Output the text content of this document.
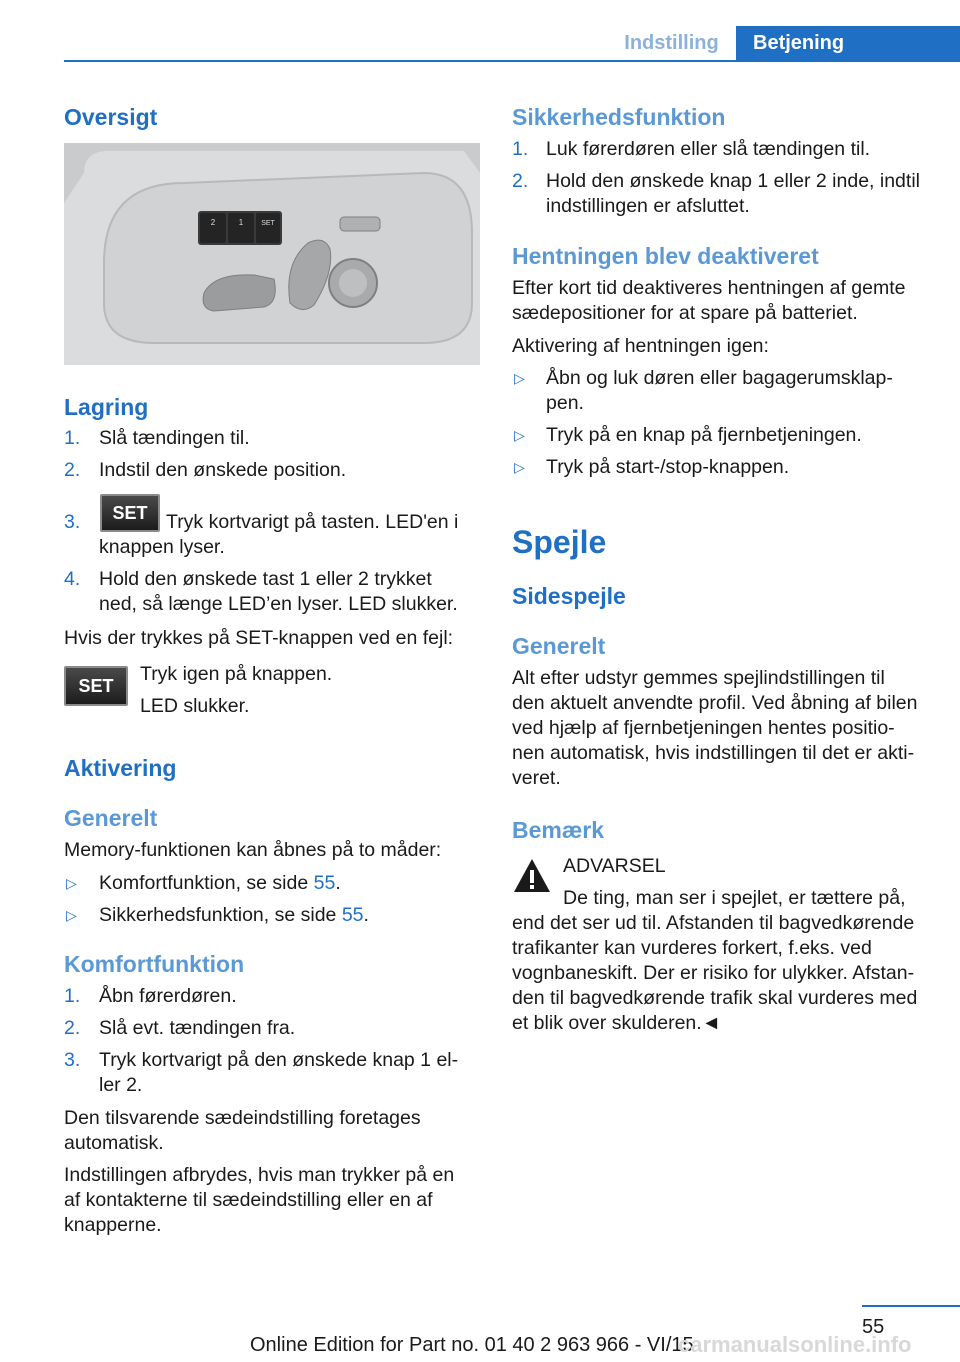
Indstilling	Betjening
Oversigt
2	1	SET
Lagring
1. Slå tændingen til.
2. Indstil den ønskede position.
3.	SET Tryk kortvarigt på tasten. LED'en i
knappen lyser.
4. Hold den ønskede tast 1 eller 2 trykket
ned, så længe LED’en lyser. LED slukker.
Hvis der trykkes på SET-knappen ved en fejl:
SET
Tryk igen på knappen.
LED slukker.
Aktivering
Generelt
Memory-funktionen kan åbnes på to måder:
▷ Komfortfunktion, se side 55.
▷ Sikkerhedsfunktion, se side 55.
Komfortfunktion
1. Åbn førerdøren.
2. Slå evt. tændingen fra.
3. Tryk kortvarigt på den ønskede knap 1 el‐
ler 2.
Den tilsvarende sædeindstilling foretages
automatisk.
Indstillingen afbrydes, hvis man trykker på en
af kontakterne til sædeindstilling eller en af
knapperne.
Sikkerhedsfunktion
1. Luk førerdøren eller slå tændingen til.
2. Hold den ønskede knap 1 eller 2 inde, indtil
indstillingen er afsluttet.
Hentningen blev deaktiveret
Efter kort tid deaktiveres hentningen af gemte
sædepositioner for at spare på batteriet.
Aktivering af hentningen igen:
▷ Åbn og luk døren eller bagagerumsklap‐
pen.
▷ Tryk på en knap på fjernbetjeningen.
▷ Tryk på start-/stop-knappen.
Spejle
Sidespejle
Generelt
Alt efter udstyr gemmes spejlindstillingen til
den aktuelt anvendte profil. Ved åbning af bilen
ved hjælp af fjernbetjeningen hentes positio‐
nen automatisk, hvis indstillingen til det er akti‐
veret.
Bemærk
ADVARSEL
De ting, man ser i spejlet, er tættere på,
end det ser ud til. Afstanden til bagvedkørende
trafikanter kan vurderes forkert, f.eks. ved
vognbaneskift. Der er risiko for ulykker. Afstan‐
den til bagvedkørende trafik skal vurderes med
et blik over skulderen.◄
55
Online Edition for Part no. 01 40 2 963 966 - VI/15
carmanualsonline.info
